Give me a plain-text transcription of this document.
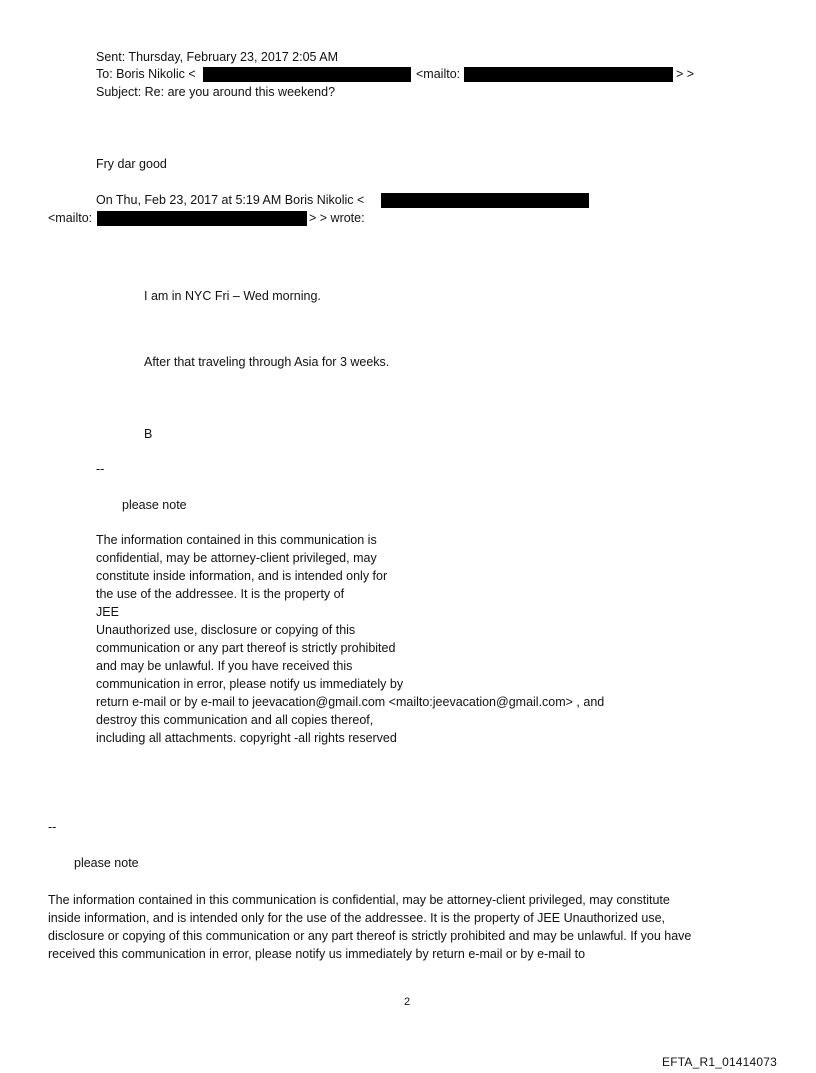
Sent: Thursday, February 23, 2017 2:05 AM
To: Boris Nikolic <	<mailto:	> >
Subject: Re: are you around this weekend?
Fry dar good
On Thu, Feb 23, 2017 at 5:19 AM Boris Nikolic <
<mailto:	> > wrote:
I am in NYC Fri – Wed morning.
After that traveling through Asia for 3 weeks.
B
--
please note
The information contained in this communication is
confidential, may be attorney-client privileged, may
constitute inside information, and is intended only for
the use of the addressee. It is the property of
JEE
Unauthorized use, disclosure or copying of this
communication or any part thereof is strictly prohibited
and may be unlawful. If you have received this
communication in error, please notify us immediately by
return e-mail or by e-mail to jeevacation@gmail.com <mailto:jeevacation@gmail.com> , and
destroy this communication and all copies thereof,
including all attachments. copyright -all rights reserved
--
please note
The information contained in this communication is confidential, may be attorney-client privileged, may constitute
inside information, and is intended only for the use of the addressee. It is the property of JEE Unauthorized use,
disclosure or copying of this communication or any part thereof is strictly prohibited and may be unlawful. If you have
received this communication in error, please notify us immediately by return e-mail or by e-mail to
2
EFTA_R1_01414073
